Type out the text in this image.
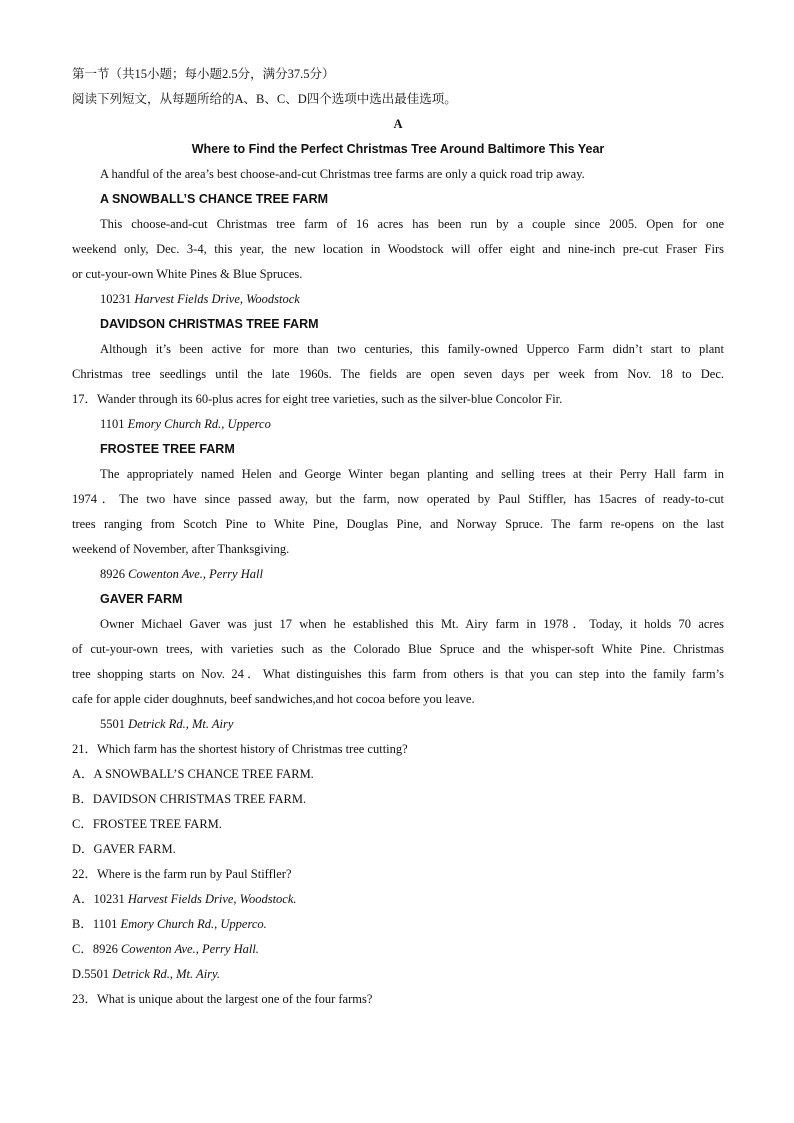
第一节（共15小题；每小题2.5分，满分37.5分）
阅读下列短文，从每题所给的A、B、C、D四个选项中选出最佳选项。
A
Where to Find the Perfect Christmas Tree Around Baltimore This Year
A handful of the area’s best choose-and-cut Christmas tree farms are only a quick road trip away.
A SNOWBALL’S CHANCE TREE FARM
This choose-and-cut Christmas tree farm of 16 acres has been run by a couple since 2005. Open for one
weekend only, Dec. 3-4, this year, the new location in Woodstock will offer eight and nine-inch pre-cut Fraser Firs
or cut-your-own White Pines & Blue Spruces.
10231 Harvest Fields Drive, Woodstock
DAVIDSON CHRISTMAS TREE FARM
Although it’s been active for more than two centuries, this family-owned Upperco Farm didn’t start to plant
Christmas tree seedlings until the late 1960s. The fields are open seven days per week from Nov. 18 to Dec.
17．Wander through its 60-plus acres for eight tree varieties, such as the silver-blue Concolor Fir.
1101 Emory Church Rd., Upperco
FROSTEE TREE FARM
The appropriately named Helen and George Winter began planting and selling trees at their Perry Hall farm in
1974．The two have since passed away, but the farm, now operated by Paul Stiffler, has 15acres of ready-to-cut
trees ranging from Scotch Pine to White Pine, Douglas Pine, and Norway Spruce. The farm re-opens on the last
weekend of November, after Thanksgiving.
8926 Cowenton Ave., Perry Hall
GAVER FARM
Owner Michael Gaver was just 17 when he established this Mt. Airy farm in 1978．Today, it holds 70 acres
of cut-your-own trees, with varieties such as the Colorado Blue Spruce and the whisper-soft White Pine. Christmas
tree shopping starts on Nov. 24．What distinguishes this farm from others is that you can step into the family farm’s
cafe for apple cider doughnuts, beef sandwiches,and hot cocoa before you leave.
5501 Detrick Rd., Mt. Airy
21．Which farm has the shortest history of Christmas tree cutting?
A．A SNOWBALL’S CHANCE TREE FARM.
B．DAVIDSON CHRISTMAS TREE FARM.
C．FROSTEE TREE FARM.
D．GAVER FARM.
22．Where is the farm run by Paul Stiffler?
A．10231 Harvest Fields Drive, Woodstock.
B．1101 Emory Church Rd., Upperco.
C．8926 Cowenton Ave., Perry Hall.
D.5501 Detrick Rd., Mt. Airy.
23．What is unique about the largest one of the four farms?
